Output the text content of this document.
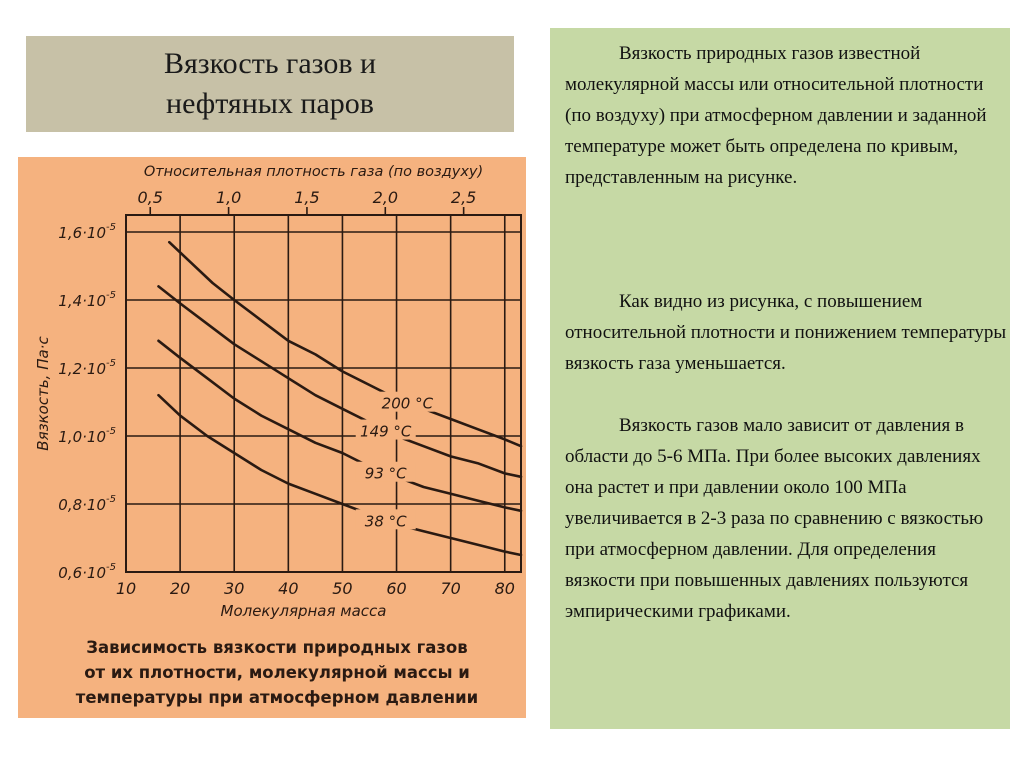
Вязкость газов и
нефтяных паров
0,5	1,0	1,5	2,0	2,5
Относительная плотность газа (по воздуху)
10 20 30 40 50 60 70 80
Молекулярная масса
$0,6\cdot 10^{-5}$
$0,8\cdot 10^{-5}$
$1,0\cdot 10^{-5}$
$1,2\cdot 10^{-5}$
$1,4\cdot 10^{-5}$
$1,6\cdot 10^{-5}$
Вязкость, Па·с	200 °C
149 °C
93 °C
38 °C
Зависимость вязкости природных газов
от их плотности, молекулярной массы и
температуры при атмосферном давлении

Вязкость природных газов известной молекулярной массы или относительной плотности (по воздуху) при атмосферном давлении и заданной температуре может быть определена по кривым, представленным на рисунке.

Как видно из рисунка, с повышением относительной плотности и понижением температуры вязкость газа уменьшается.

Вязкость газов мало зависит от давления в области до 5-6 МПа. При более высоких давлениях она растет и при давлении около 100 МПа увеличивается в 2-3 раза по сравнению с вязкостью при атмосферном давлении. Для определения вязкости при повышенных давлениях пользуются эмпирическими графиками.
